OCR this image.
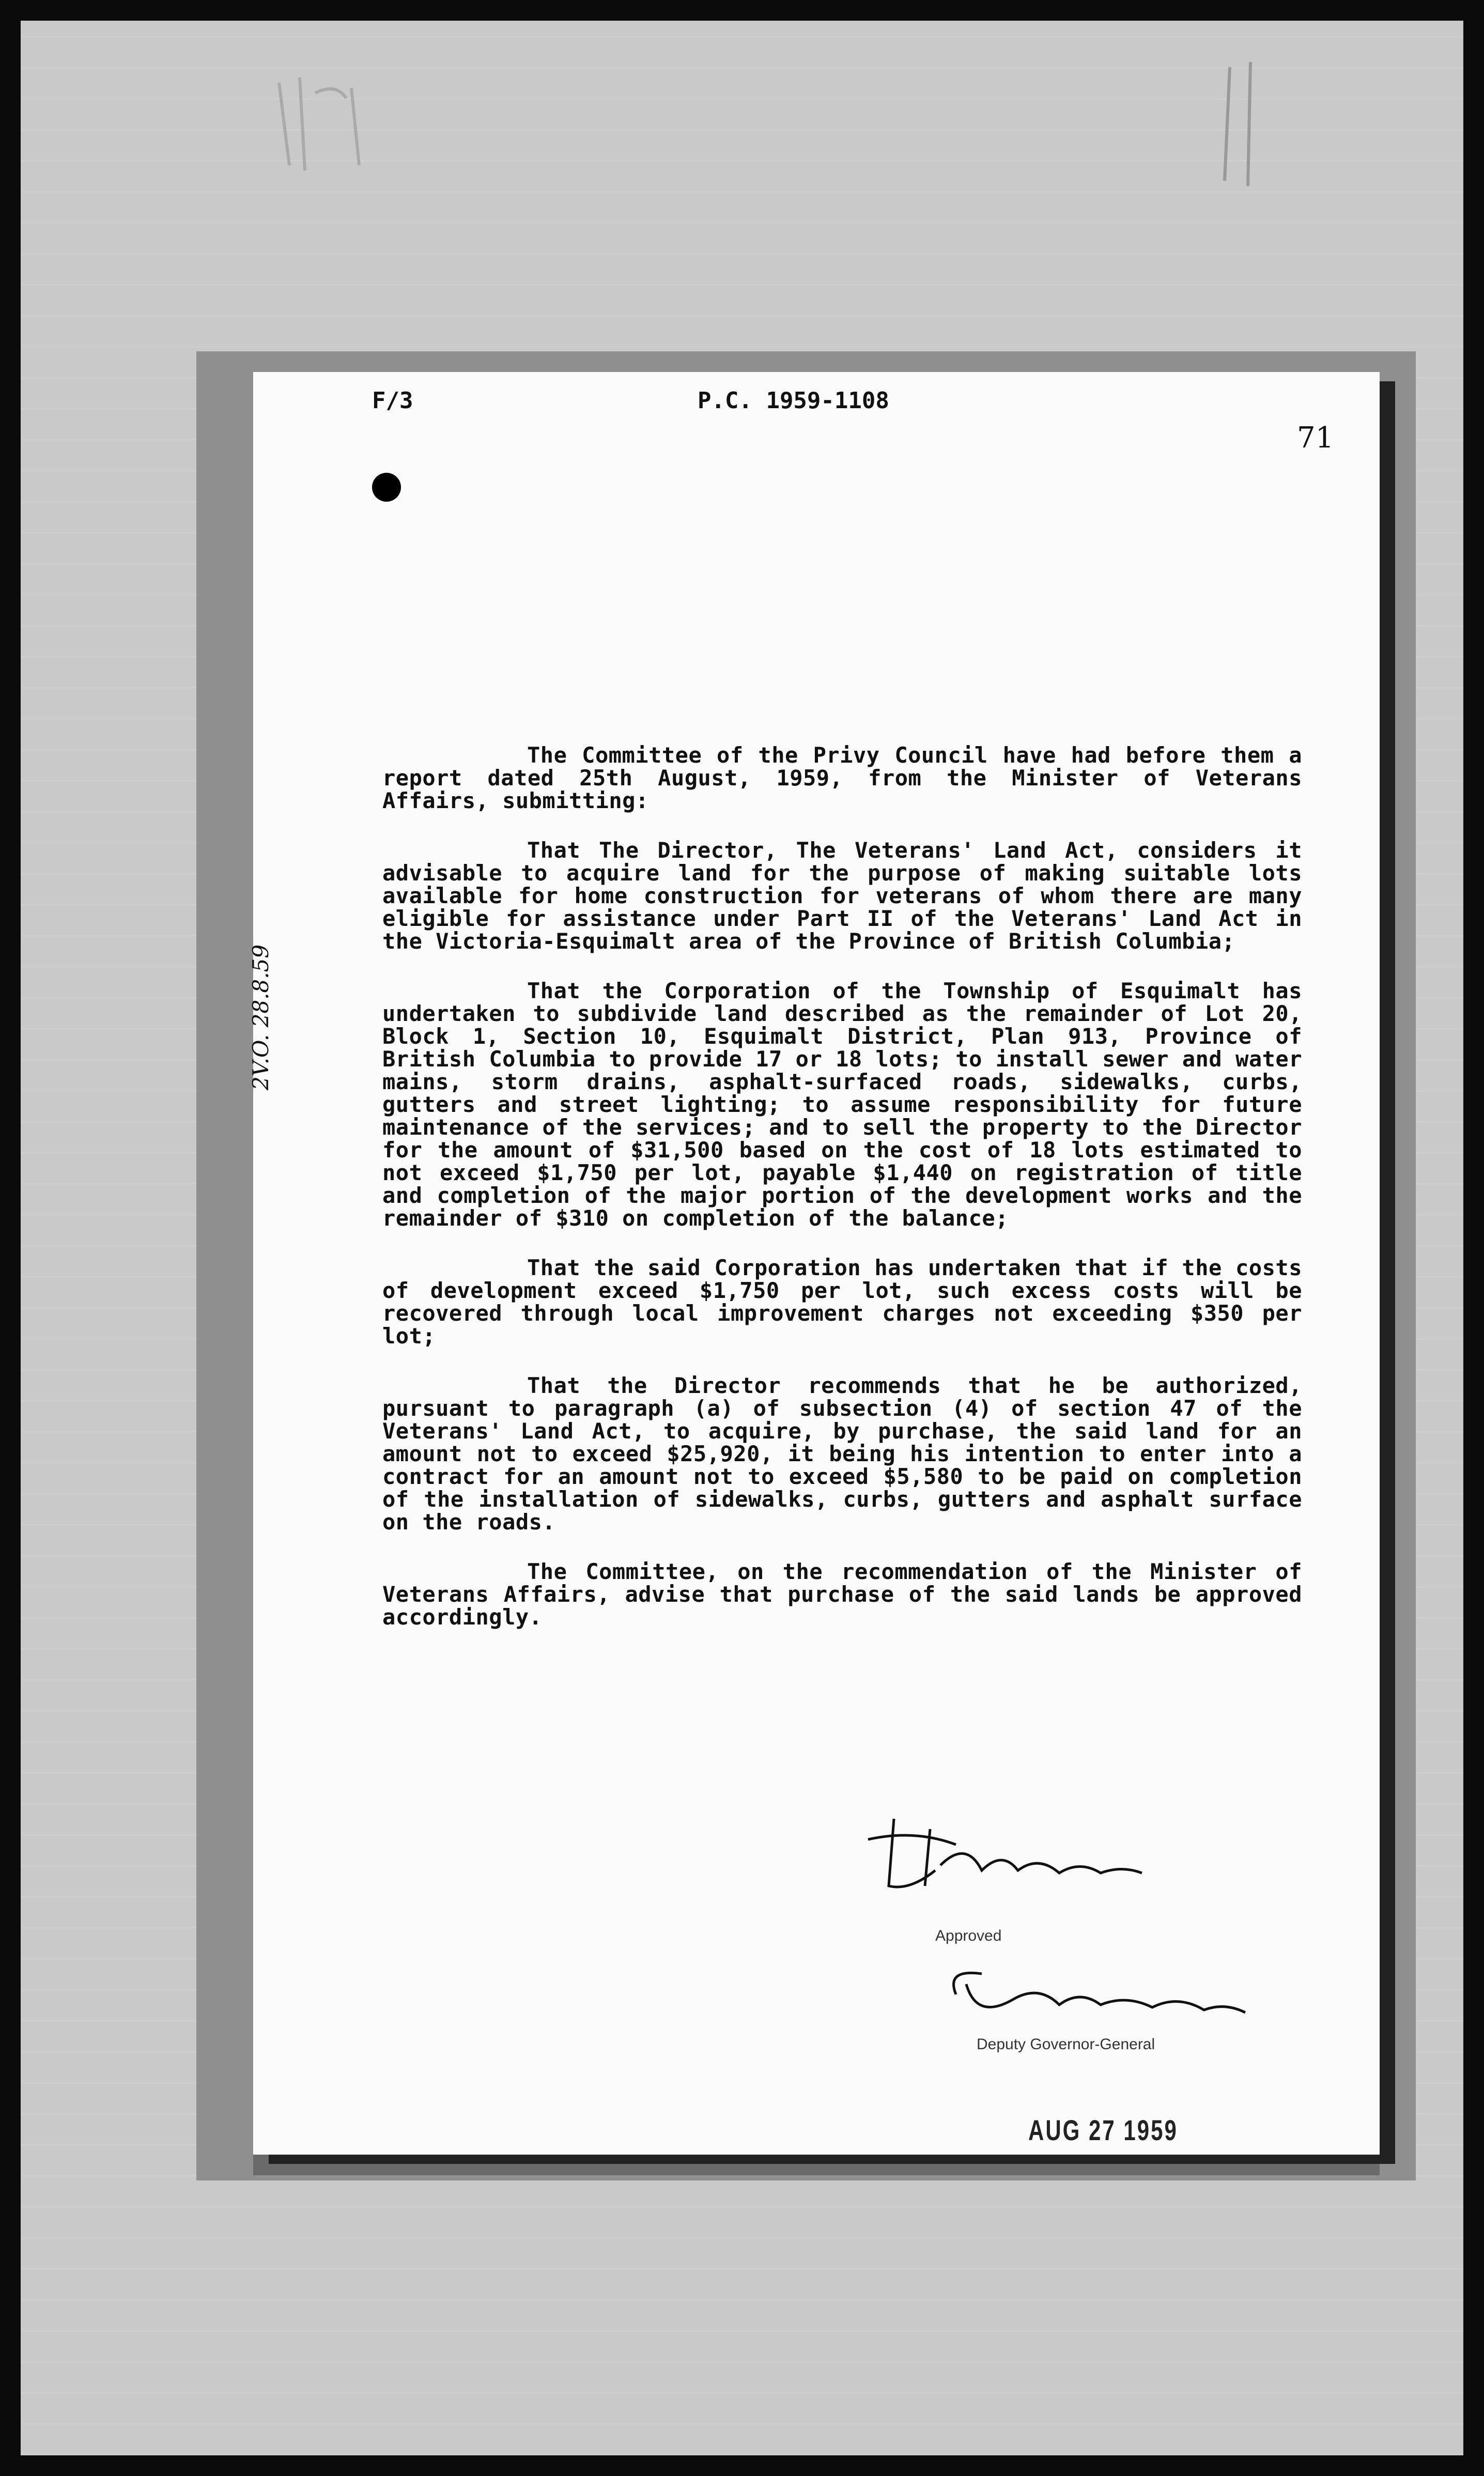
F/3	P.C. 1959-1108
71

The Committee of the Privy Council have had before them a report dated 25th August, 1959, from the Minister of Veterans Affairs, submitting:

That The Director, The Veterans' Land Act, considers it advisable to acquire land for the purpose of making suitable lots available for home construction for veterans of whom there are many eligible for assistance under Part II of the Veterans' Land Act in the Victoria-Esquimalt area of the Province of British Columbia;

That the Corporation of the Township of Esquimalt has undertaken to subdivide land described as the remainder of Lot 20, Block 1, Section 10, Esquimalt District, Plan 913, Province of British Columbia to provide 17 or 18 lots; to install sewer and water mains, storm drains, asphalt-surfaced roads, sidewalks, curbs, gutters and street lighting; to assume responsibility for future maintenance of the services; and to sell the property to the Director for the amount of $31,500 based on the cost of 18 lots estimated to not exceed $1,750 per lot, payable $1,440 on registration of title and completion of the major portion of the development works and the remainder of $310 on completion of the balance;

That the said Corporation has undertaken that if the costs of development exceed $1,750 per lot, such excess costs will be recovered through local improvement charges not exceeding $350 per lot;

That the Director recommends that he be authorized, pursuant to paragraph (a) of subsection (4) of section 47 of the Veterans' Land Act, to acquire, by purchase, the said land for an amount not to exceed $25,920, it being his intention to enter into a contract for an amount not to exceed $5,580 to be paid on completion of the installation of sidewalks, curbs, gutters and asphalt surface on the roads.

The Committee, on the recommendation of the Minister of Veterans Affairs, advise that purchase of the said lands be approved accordingly.

Approved
Deputy Governor-General
AUG 27 1959
2V.O. 28.8.59
